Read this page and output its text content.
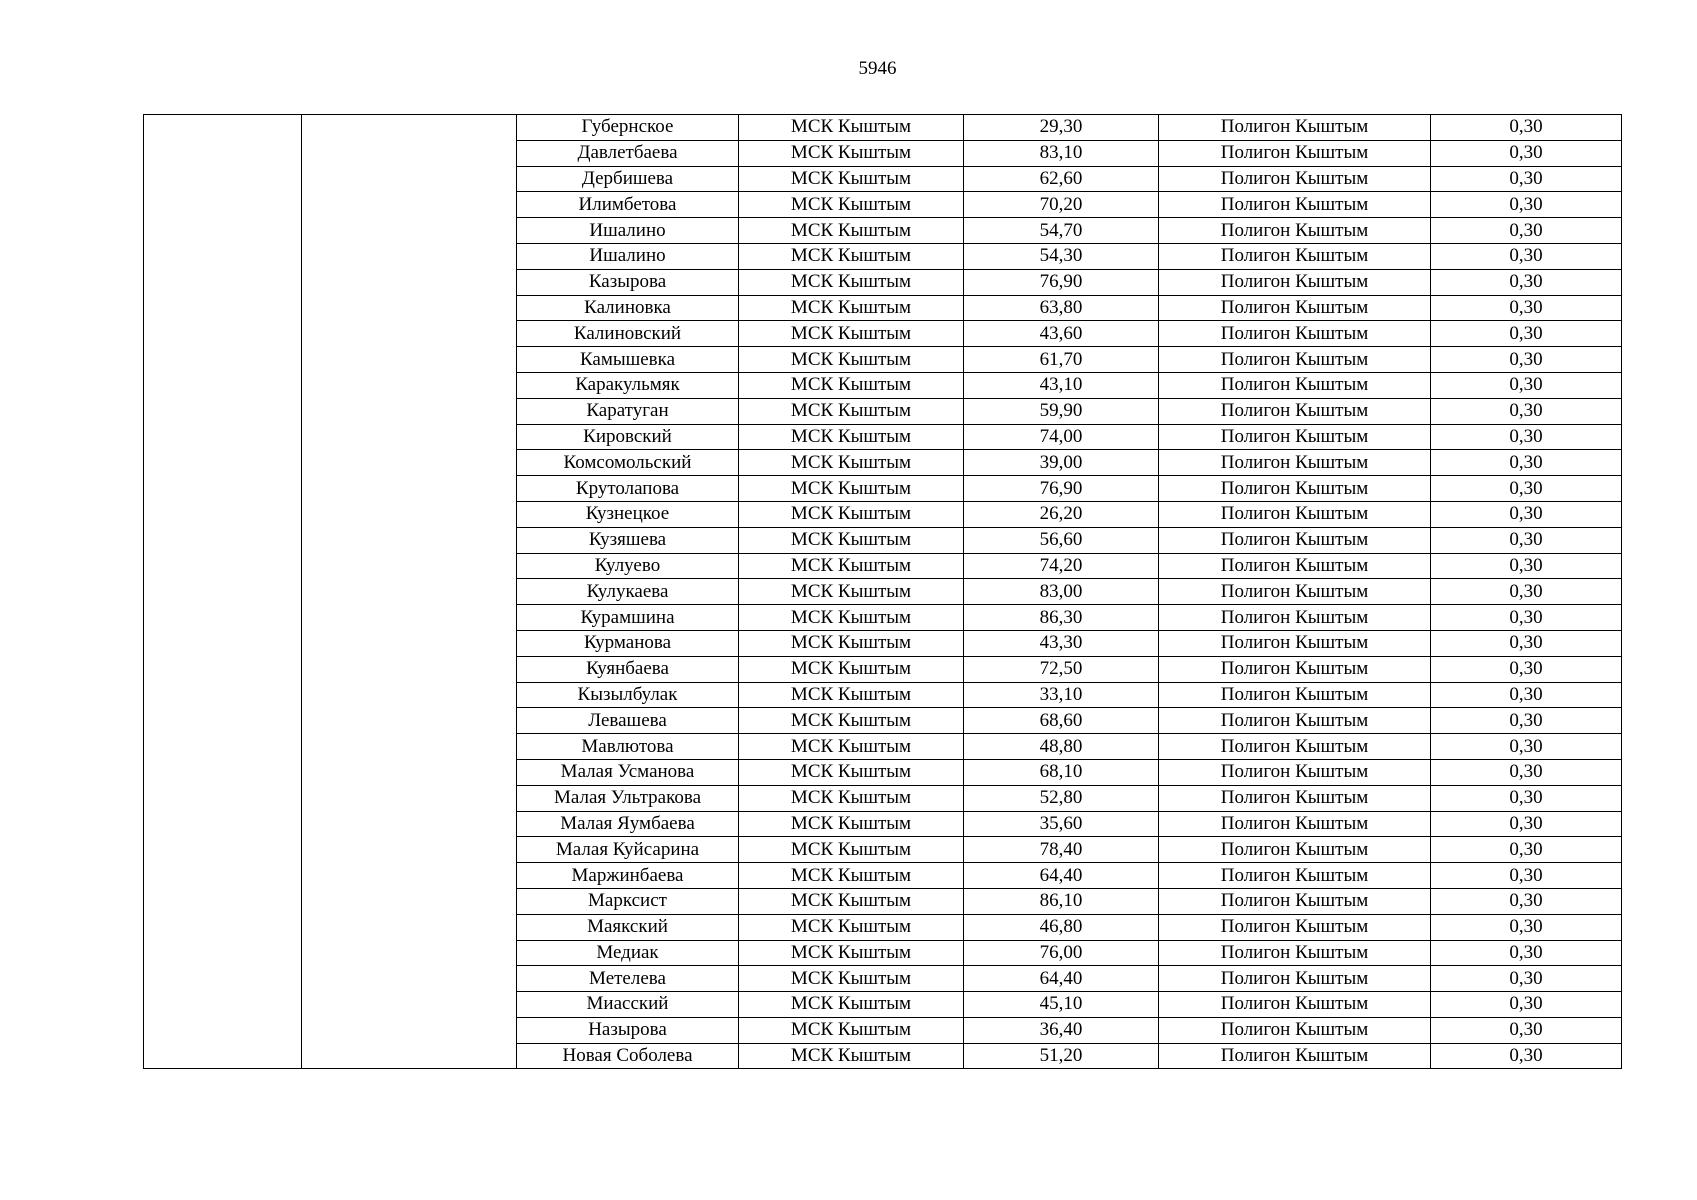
5946
		Губернское	МСК Кыштым	29,30	Полигон Кыштым	0,30
		Давлетбаева	МСК Кыштым	83,10	Полигон Кыштым	0,30
		Дербишева	МСК Кыштым	62,60	Полигон Кыштым	0,30
		Илимбетова	МСК Кыштым	70,20	Полигон Кыштым	0,30
		Ишалино	МСК Кыштым	54,70	Полигон Кыштым	0,30
		Ишалино	МСК Кыштым	54,30	Полигон Кыштым	0,30
		Казырова	МСК Кыштым	76,90	Полигон Кыштым	0,30
		Калиновка	МСК Кыштым	63,80	Полигон Кыштым	0,30
		Калиновский	МСК Кыштым	43,60	Полигон Кыштым	0,30
		Камышевка	МСК Кыштым	61,70	Полигон Кыштым	0,30
		Каракульмяк	МСК Кыштым	43,10	Полигон Кыштым	0,30
		Каратуган	МСК Кыштым	59,90	Полигон Кыштым	0,30
		Кировский	МСК Кыштым	74,00	Полигон Кыштым	0,30
		Комсомольский	МСК Кыштым	39,00	Полигон Кыштым	0,30
		Крутолапова	МСК Кыштым	76,90	Полигон Кыштым	0,30
		Кузнецкое	МСК Кыштым	26,20	Полигон Кыштым	0,30
		Кузяшева	МСК Кыштым	56,60	Полигон Кыштым	0,30
		Кулуево	МСК Кыштым	74,20	Полигон Кыштым	0,30
		Кулукаева	МСК Кыштым	83,00	Полигон Кыштым	0,30
		Курамшина	МСК Кыштым	86,30	Полигон Кыштым	0,30
		Курманова	МСК Кыштым	43,30	Полигон Кыштым	0,30
		Куянбаева	МСК Кыштым	72,50	Полигон Кыштым	0,30
		Кызылбулак	МСК Кыштым	33,10	Полигон Кыштым	0,30
		Левашева	МСК Кыштым	68,60	Полигон Кыштым	0,30
		Мавлютова	МСК Кыштым	48,80	Полигон Кыштым	0,30
		Малая Усманова	МСК Кыштым	68,10	Полигон Кыштым	0,30
		Малая Ультракова	МСК Кыштым	52,80	Полигон Кыштым	0,30
		Малая Яумбаева	МСК Кыштым	35,60	Полигон Кыштым	0,30
		Малая Куйсарина	МСК Кыштым	78,40	Полигон Кыштым	0,30
		Маржинбаева	МСК Кыштым	64,40	Полигон Кыштым	0,30
		Марксист	МСК Кыштым	86,10	Полигон Кыштым	0,30
		Маякский	МСК Кыштым	46,80	Полигон Кыштым	0,30
		Медиак	МСК Кыштым	76,00	Полигон Кыштым	0,30
		Метелева	МСК Кыштым	64,40	Полигон Кыштым	0,30
		Миасский	МСК Кыштым	45,10	Полигон Кыштым	0,30
		Назырова	МСК Кыштым	36,40	Полигон Кыштым	0,30
		Новая Соболева	МСК Кыштым	51,20	Полигон Кыштым	0,30
